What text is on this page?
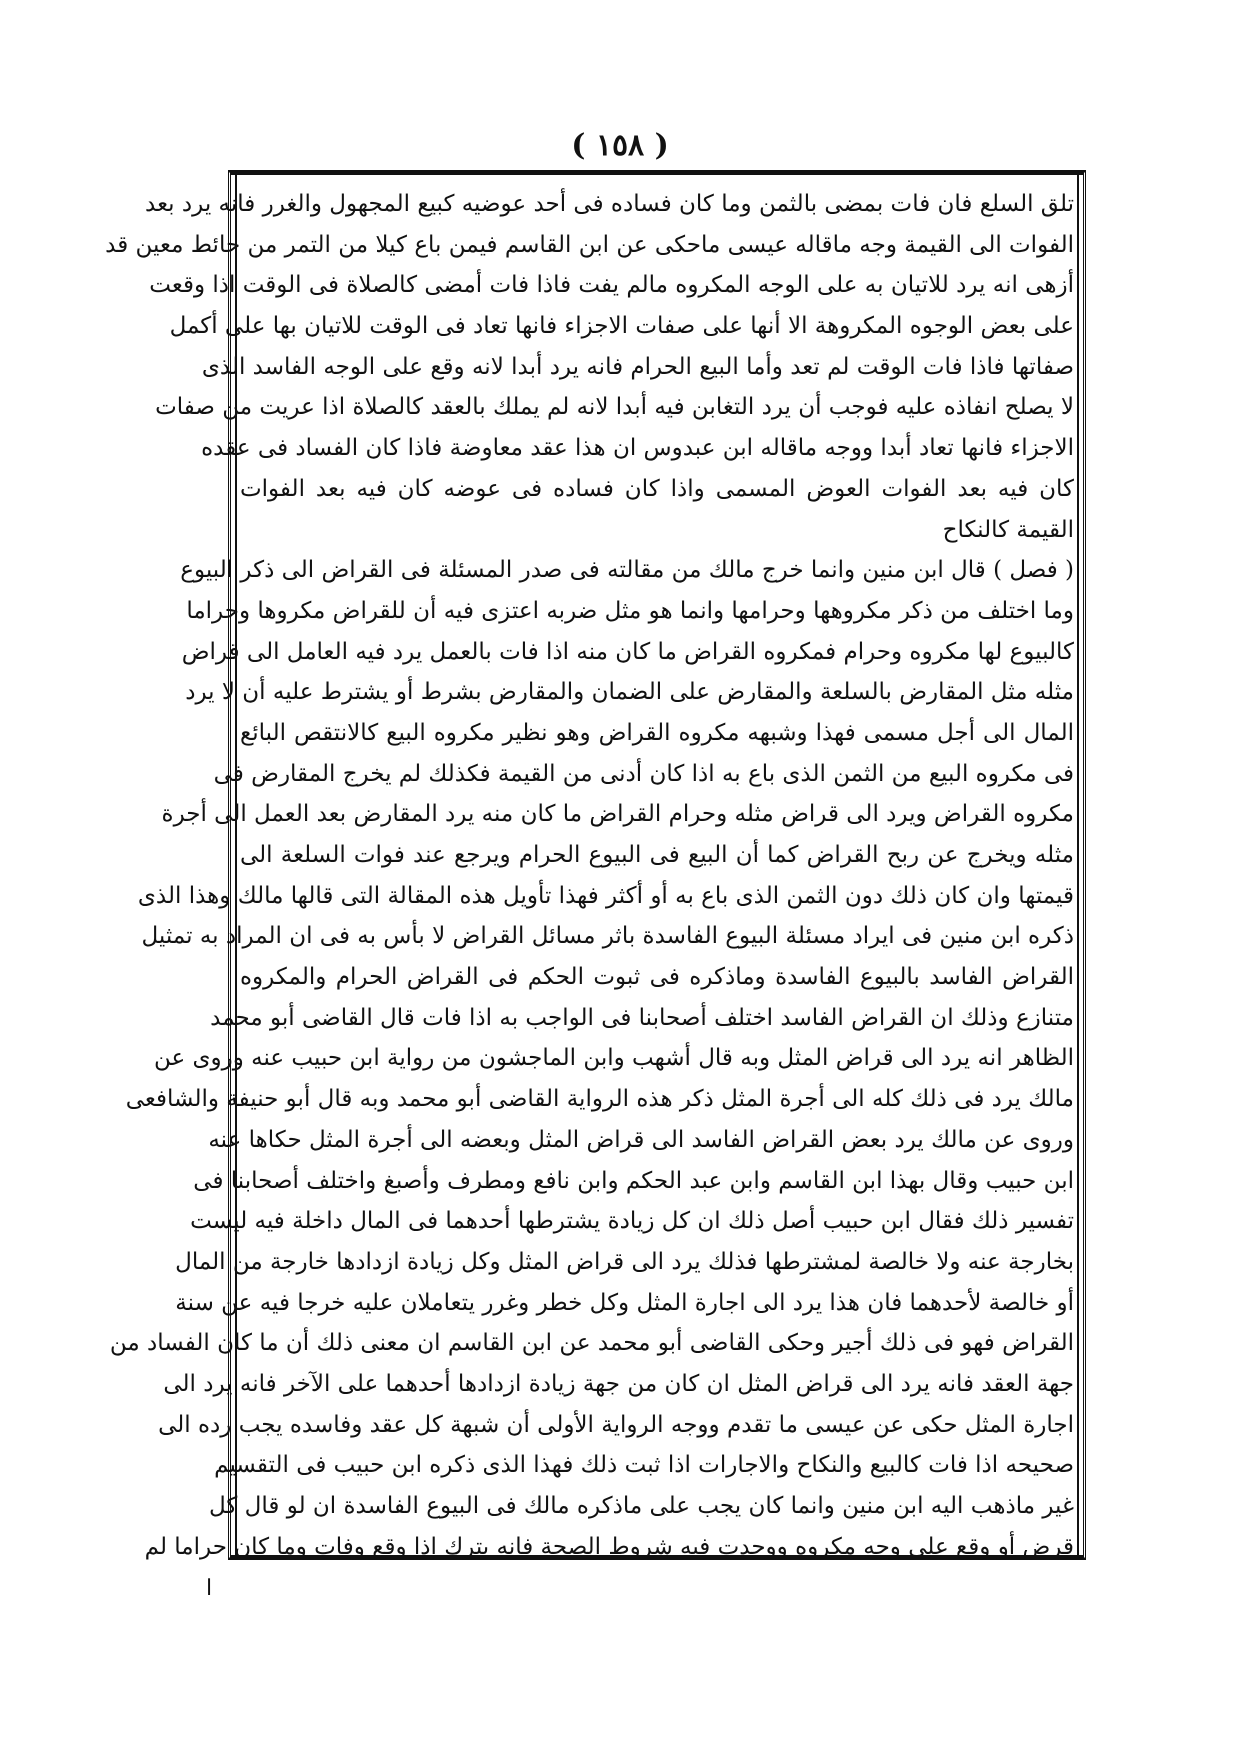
( ١٥٨ )
تلق السلع فان فات بمضى بالثمن وما كان فساده فى أحد عوضيه كبيع المجهول والغرر فانه يرد بعد
الفوات الى القيمة وجه ماقاله عيسى ماحكى عن ابن القاسم فيمن باع كيلا من التمر من حائط معين قد
أزهى انه يرد للاتيان به على الوجه المكروه مالم يفت فاذا فات أمضى كالصلاة فى الوقت اذا وقعت
على بعض الوجوه المكروهة الا أنها على صفات الاجزاء فانها تعاد فى الوقت للاتيان بها على أكمل
صفاتها فاذا فات الوقت لم تعد وأما البيع الحرام فانه يرد أبدا لانه وقع على الوجه الفاسد الذى
لا يصلح انفاذه عليه فوجب أن يرد التغابن فيه أبدا لانه لم يملك بالعقد كالصلاة اذا عريت من صفات
الاجزاء فانها تعاد أبدا ووجه ماقاله ابن عبدوس ان هذا عقد معاوضة فاذا كان الفساد فى عقده
كان فيه بعد الفوات العوض المسمى واذا كان فساده فى عوضه كان فيه بعد الفوات
القيمة كالنكاح
( فصل ) قال ابن منين وانما خرج مالك من مقالته فى صدر المسئلة فى القراض الى ذكر البيوع
وما اختلف من ذكر مكروهها وحرامها وانما هو مثل ضربه اعتزى فيه أن للقراض مكروها وحراما
كالبيوع لها مكروه وحرام فمكروه القراض ما كان منه اذا فات بالعمل يرد فيه العامل الى قراض
مثله مثل المقارض بالسلعة والمقارض على الضمان والمقارض بشرط أو يشترط عليه أن لا يرد
المال الى أجل مسمى فهذا وشبهه مكروه القراض وهو نظير مكروه البيع كالانتقص البائع
فى مكروه البيع من الثمن الذى باع به اذا كان أدنى من القيمة فكذلك لم يخرج المقارض فى
مكروه القراض ويرد الى قراض مثله وحرام القراض ما كان منه يرد المقارض بعد العمل الى أجرة
مثله ويخرج عن ربح القراض كما أن البيع فى البيوع الحرام ويرجع عند فوات السلعة الى
قيمتها وان كان ذلك دون الثمن الذى باع به أو أكثر فهذا تأويل هذه المقالة التى قالها مالك وهذا الذى
ذكره ابن منين فى ايراد مسئلة البيوع الفاسدة باثر مسائل القراض لا بأس به فى ان المراد به تمثيل
القراض الفاسد بالبيوع الفاسدة وماذكره فى ثبوت الحكم فى القراض الحرام والمكروه
متنازع وذلك ان القراض الفاسد اختلف أصحابنا فى الواجب به اذا فات قال القاضى أبو محمد
الظاهر انه يرد الى قراض المثل وبه قال أشهب وابن الماجشون من رواية ابن حبيب عنه وروى عن
مالك يرد فى ذلك كله الى أجرة المثل ذكر هذه الرواية القاضى أبو محمد وبه قال أبو حنيفة والشافعى
وروى عن مالك يرد بعض القراض الفاسد الى قراض المثل وبعضه الى أجرة المثل حكاها عنه
ابن حبيب وقال بهذا ابن القاسم وابن عبد الحكم وابن نافع ومطرف وأصبغ واختلف أصحابنا فى
تفسير ذلك فقال ابن حبيب أصل ذلك ان كل زيادة يشترطها أحدهما فى المال داخلة فيه ليست
بخارجة عنه ولا خالصة لمشترطها فذلك يرد الى قراض المثل وكل زيادة ازدادها خارجة من المال
أو خالصة لأحدهما فان هذا يرد الى اجارة المثل وكل خطر وغرر يتعاملان عليه خرجا فيه عن سنة
القراض فهو فى ذلك أجير وحكى القاضى أبو محمد عن ابن القاسم ان معنى ذلك أن ما كان الفساد من
جهة العقد فانه يرد الى قراض المثل ان كان من جهة زيادة ازدادها أحدهما على الآخر فانه يرد الى
اجارة المثل حكى عن عيسى ما تقدم ووجه الرواية الأولى أن شبهة كل عقد وفاسده يجب رده الى
صحيحه اذا فات كالبيع والنكاح والاجارات اذا ثبت ذلك فهذا الذى ذكره ابن حبيب فى التقسيم
غير ماذهب اليه ابن منين وانما كان يجب على ماذكره مالك فى البيوع الفاسدة ان لو قال كل
قرض أو وقع على وجه مكروه ووجدت فيه شروط الصحة فانه يترك اذا وقع وفات وما كان حراما لم
ا
